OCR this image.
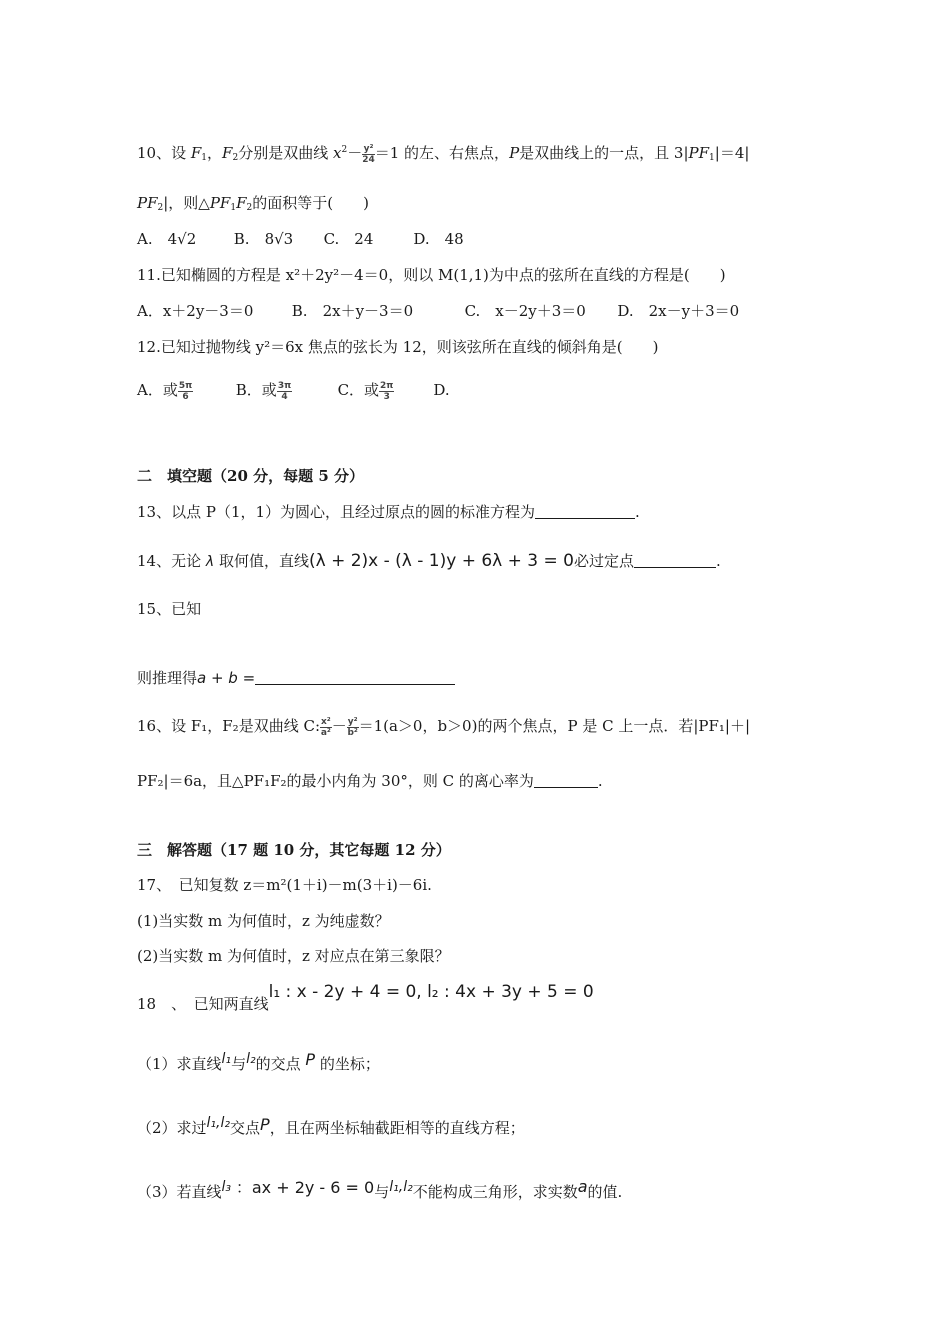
10、设 $F_1$，$F_2$分别是双曲线 $x^2- \frac{\text{y²}}{24} =1$ 的左、右焦点，P是双曲线上的一点，且 $3|PF_1|=4|$
$PF_2|$，则$\triangle PF_1F_2$的面积等于(　　)
A.　4√2	B.　8√3 C.　24	D.　48
11.已知椭圆的方程是 x²＋2y²－4＝0，则以 M(1,1)为中点的弦所在直线的方程是(　　)
A．x＋2y－3＝0	B.　2x＋y－3＝0	C.　x－2y＋3＝0 D.　2x－y＋3＝0
12.已知过抛物线 y²＝6x 焦点的弦长为 12，则该弦所在直线的倾斜角是(　　)
A．或 $\frac{5\pi}{6}$	B．或 $\frac{3\pi}{4}$	C．或 $\frac{2\pi}{3}$	D.
二　填空题（20 分，每题 5 分）
13、以点 P（1，1）为圆心，且经过原点的圆的标准方程为	.
14、无论 λ 取何值，直线(λ + 2)x - (λ - 1)y + 6λ + 3 = 0必过定点	.
15、已知
则推理得a + b =
16、设 F₁，F₂是双曲线 C: $\frac{\text{x²}}{\text{a²}} - \frac{\text{y²}}{\text{b²}} =1(a>0$，b＞0)的两个焦点，P 是 C 上一点．若|PF₁|＋|
PF₂|＝6a，且△PF₁F₂的最小内角为 30°，则 C 的离心率为	.
三　解答题（17 题 10 分，其它每题 12 分）
17、　已知复数 z＝m²(1＋i)－m(3＋i)－6i.
(1)当实数 m 为何值时，z 为纯虚数？
(2)当实数 m 为何值时，z 对应点在第三象限？
18　、　已知两直线l₁ : x - 2y + 4 = 0, l₂ : 4x + 3y + 5 = 0
（1）求直线l₁与l₂的交点 P 的坐标；
（2）求过l₁,l₂交点P，且在两坐标轴截距相等的直线方程；
（3）若直线l₃ ：ax + 2y - 6 = 0与l₁,l₂不能构成三角形，求实数a的值.
